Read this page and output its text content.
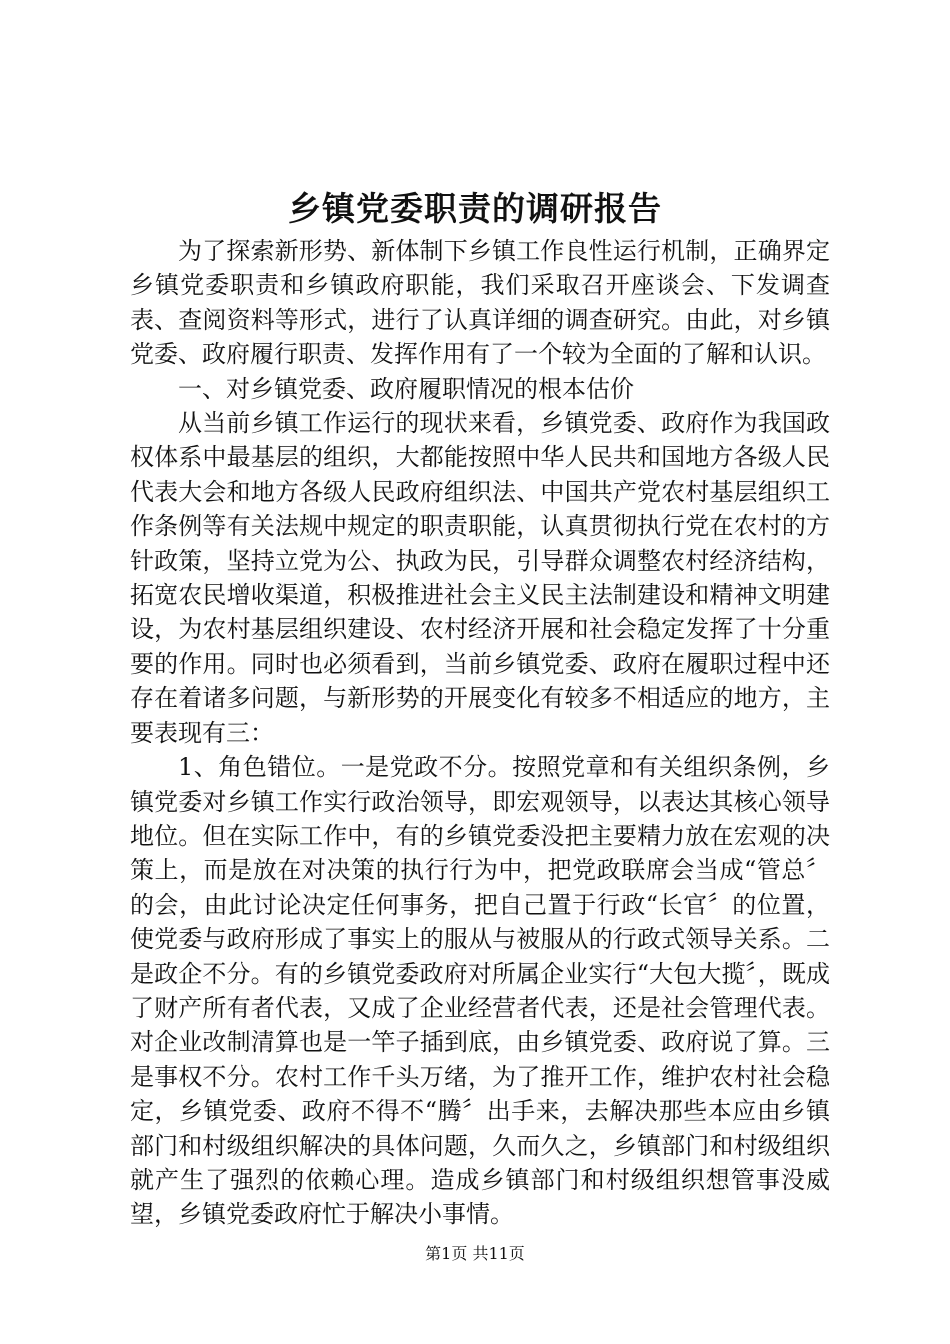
乡镇党委职责的调研报告

为了探索新形势、新体制下乡镇工作良性运行机制，正确界定乡镇党委职责和乡镇政府职能，我们采取召开座谈会、下发调查表、查阅资料等形式，进行了认真详细的调查研究。由此，对乡镇党委、政府履行职责、发挥作用有了一个较为全面的了解和认识。

一、对乡镇党委、政府履职情况的根本估价

从当前乡镇工作运行的现状来看，乡镇党委、政府作为我国政权体系中最基层的组织，大都能按照中华人民共和国地方各级人民代表大会和地方各级人民政府组织法、中国共产党农村基层组织工作条例等有关法规中规定的职责职能，认真贯彻执行党在农村的方针政策，坚持立党为公、执政为民，引导群众调整农村经济结构，拓宽农民增收渠道，积极推进社会主义民主法制建设和精神文明建设，为农村基层组织建设、农村经济开展和社会稳定发挥了十分重要的作用。同时也必须看到，当前乡镇党委、政府在履职过程中还存在着诸多问题，与新形势的开展变化有较多不相适应的地方，主要表现有三：

1、角色错位。一是党政不分。按照党章和有关组织条例，乡镇党委对乡镇工作实行政治领导，即宏观领导，以表达其核心领导地位。但在实际工作中，有的乡镇党委没把主要精力放在宏观的决策上，而是放在对决策的执行行为中，把党政联席会当成“管总〞的会，由此讨论决定任何事务，把自己置于行政“长官〞的位置，使党委与政府形成了事实上的服从与被服从的行政式领导关系。二是政企不分。有的乡镇党委政府对所属企业实行“大包大揽〞，既成了财产所有者代表，又成了企业经营者代表，还是社会管理代表。对企业改制清算也是一竿子插到底，由乡镇党委、政府说了算。三是事权不分。农村工作千头万绪，为了推开工作，维护农村社会稳定，乡镇党委、政府不得不“腾〞出手来，去解决那些本应由乡镇部门和村级组织解决的具体问题，久而久之，乡镇部门和村级组织就产生了强烈的依赖心理。造成乡镇部门和村级组织想管事没威望，乡镇党委政府忙于解决小事情。

第1页 共11页
